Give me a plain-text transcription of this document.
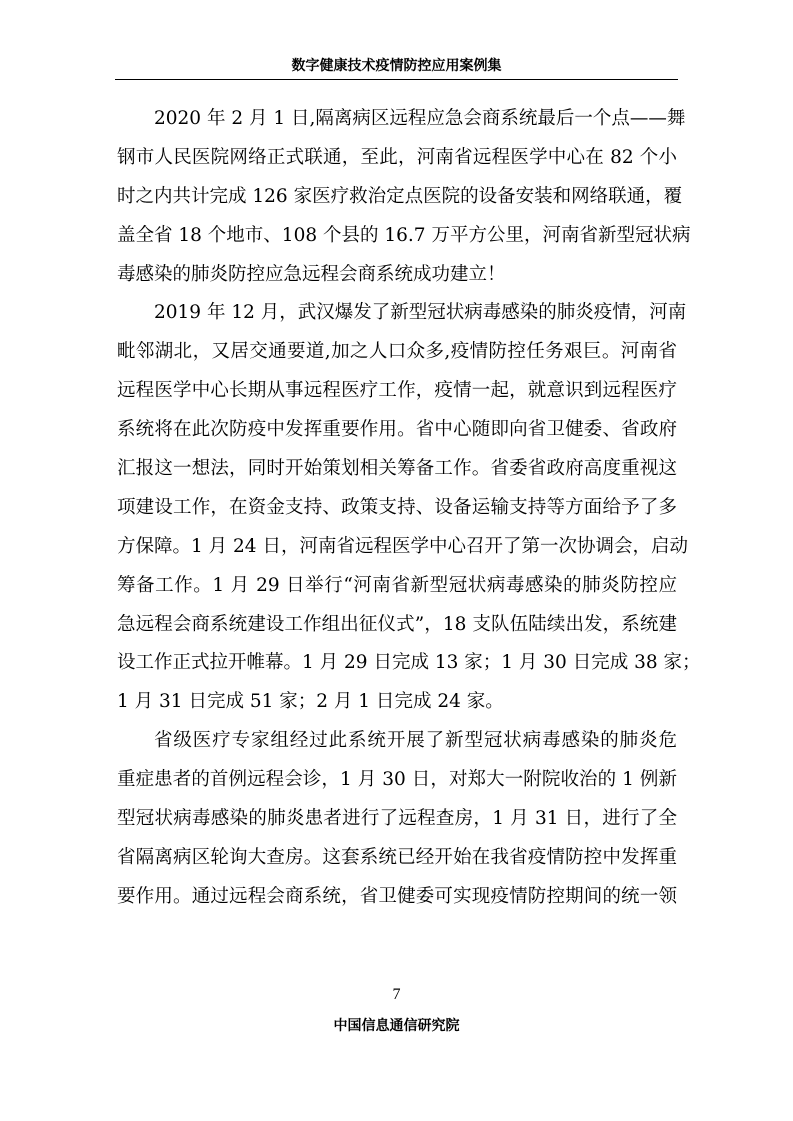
数字健康技术疫情防控应用案例集
2020 年 2 月 1 日,隔离病区远程应急会商系统最后一个点——舞
钢市人民医院网络正式联通，至此，河南省远程医学中心在 82 个小
时之内共计完成 126 家医疗救治定点医院的设备安装和网络联通，覆
盖全省 18 个地市、108 个县的 16.7 万平方公里，河南省新型冠状病
毒感染的肺炎防控应急远程会商系统成功建立！
2019 年 12 月，武汉爆发了新型冠状病毒感染的肺炎疫情，河南
毗邻湖北，又居交通要道,加之人口众多,疫情防控任务艰巨。河南省
远程医学中心长期从事远程医疗工作，疫情一起，就意识到远程医疗
系统将在此次防疫中发挥重要作用。省中心随即向省卫健委、省政府
汇报这一想法，同时开始策划相关筹备工作。省委省政府高度重视这
项建设工作，在资金支持、政策支持、设备运输支持等方面给予了多
方保障。1 月 24 日，河南省远程医学中心召开了第一次协调会，启动
筹备工作。1 月 29 日举行“河南省新型冠状病毒感染的肺炎防控应
急远程会商系统建设工作组出征仪式”，18 支队伍陆续出发，系统建
设工作正式拉开帷幕。1 月 29 日完成 13 家；1 月 30 日完成 38 家；
1 月 31 日完成 51 家；2 月 1 日完成 24 家。
省级医疗专家组经过此系统开展了新型冠状病毒感染的肺炎危
重症患者的首例远程会诊，1 月 30 日，对郑大一附院收治的 1 例新
型冠状病毒感染的肺炎患者进行了远程查房，1 月 31 日，进行了全
省隔离病区轮询大查房。这套系统已经开始在我省疫情防控中发挥重
要作用。通过远程会商系统，省卫健委可实现疫情防控期间的统一领
7
中国信息通信研究院
